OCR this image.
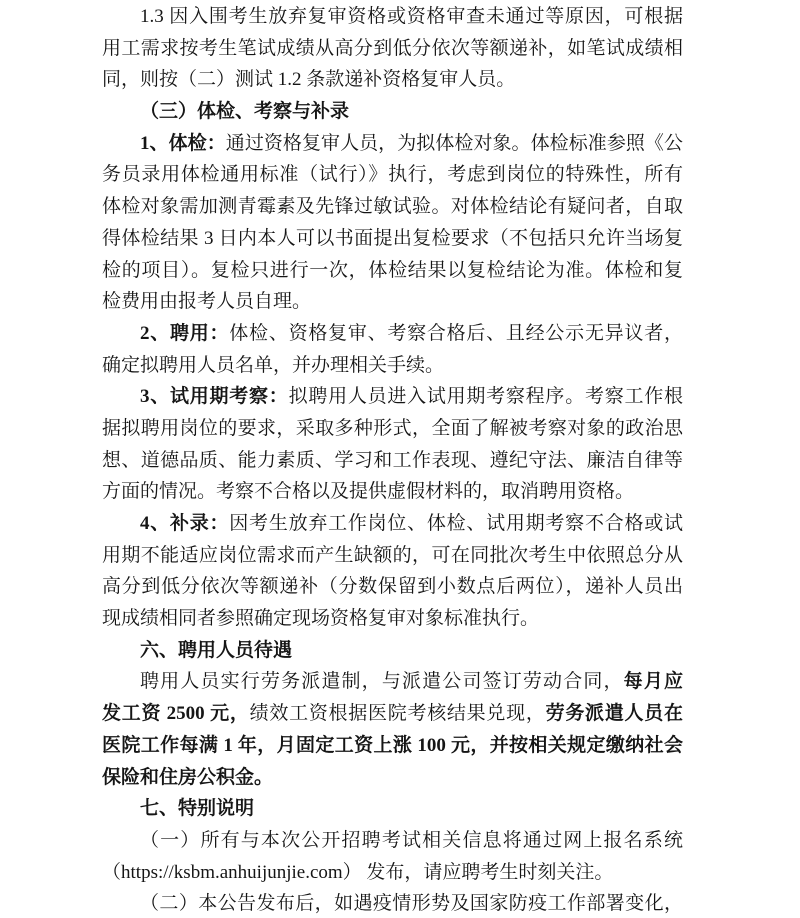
1.3 因入围考生放弃复审资格或资格审查未通过等原因，可根据
用工需求按考生笔试成绩从高分到低分依次等额递补，如笔试成绩相
同，则按（二）测试 1.2 条款递补资格复审人员。
（三）体检、考察与补录
1、体检：通过资格复审人员，为拟体检对象。体检标准参照《公
务员录用体检通用标准（试行）》执行，考虑到岗位的特殊性，所有
体检对象需加测青霉素及先锋过敏试验。对体检结论有疑问者，自取
得体检结果 3 日内本人可以书面提出复检要求（不包括只允许当场复
检的项目）。复检只进行一次，体检结果以复检结论为准。体检和复
检费用由报考人员自理。
2、聘用：体检、资格复审、考察合格后、且经公示无异议者，
确定拟聘用人员名单，并办理相关手续。
3、试用期考察：拟聘用人员进入试用期考察程序。考察工作根
据拟聘用岗位的要求，采取多种形式，全面了解被考察对象的政治思
想、道德品质、能力素质、学习和工作表现、遵纪守法、廉洁自律等
方面的情况。考察不合格以及提供虚假材料的，取消聘用资格。
4、补录：因考生放弃工作岗位、体检、试用期考察不合格或试
用期不能适应岗位需求而产生缺额的，可在同批次考生中依照总分从
高分到低分依次等额递补（分数保留到小数点后两位），递补人员出
现成绩相同者参照确定现场资格复审对象标准执行。
六、聘用人员待遇
聘用人员实行劳务派遣制，与派遣公司签订劳动合同，每月应
发工资 2500 元，绩效工资根据医院考核结果兑现，劳务派遣人员在
医院工作每满 1 年，月固定工资上涨 100 元，并按相关规定缴纳社会
保险和住房公积金。
七、特别说明
（一）所有与本次公开招聘考试相关信息将通过网上报名系统
（https://ksbm.anhuijunjie.com） 发布，请应聘考生时刻关注。
（二）本公告发布后，如遇疫情形势及国家防疫工作部署变化，
